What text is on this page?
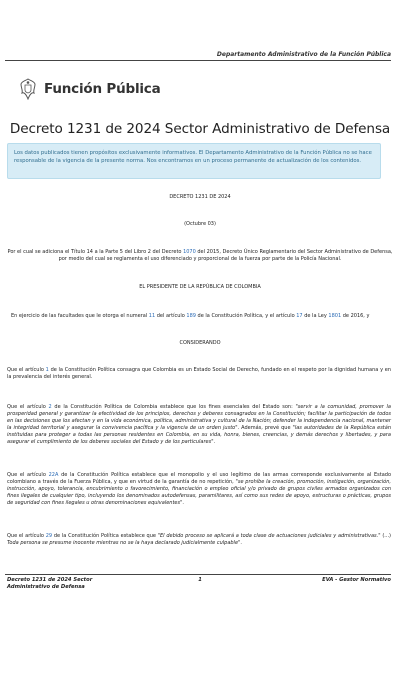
Departamento Administrativo de la Función Pública
Función Pública
Decreto 1231 de 2024 Sector Administrativo de Defensa
Los datos publicados tienen propósitos exclusivamente informativos. El Departamento Administrativo de la Función Pública no se hace responsable de la vigencia de la presente norma. Nos encontramos en un proceso permanente de actualización de los contenidos.
DECRETO 1231 DE 2024
(Octubre 03)
Por el cual se adiciona el Título 14 a la Parte 5 del Libro 2 del Decreto 1070 del 2015, Decreto Único Reglamentario del Sector Administrativo de Defensa, por medio del cual se reglamenta el uso diferenciado y proporcional de la fuerza por parte de la Policía Nacional.
EL PRESIDENTE DE LA REPÚBLICA DE COLOMBIA
En ejercicio de las facultades que le otorga el numeral 11 del artículo 189 de la Constitución Política, y el artículo 17 de la Ley 1801 de 2016, y
CONSIDERANDO
Que el artículo 1 de la Constitución Política consagra que Colombia es un Estado Social de Derecho, fundado en el respeto por la dignidad humana y en la prevalencia del interés general.
Que el artículo 2 de la Constitución Política de Colombia establece que los fines esenciales del Estado son: "servir a la comunidad, promover la prosperidad general y garantizar la efectividad de los principios, derechos y deberes consagrados en la Constitución; facilitar la participación de todos en las decisiones que los afectan y en la vida económica, política, administrativa y cultural de la Nación; defender la independencia nacional, mantener la integridad territorial y asegurar la convivencia pacífica y la vigencia de un orden justo". Además, prevé que "las autoridades de la República están instituidas para proteger a todas las personas residentes en Colombia, en su vida, honra, bienes, creencias, y demás derechos y libertades, y para asegurar el cumplimiento de los deberes sociales del Estado y de los particulares".
Que el artículo 22A de la Constitución Política establece que el monopolio y el uso legítimo de las armas corresponde exclusivamente al Estado colombiano a través de la Fuerza Pública, y que en virtud de la garantía de no repetición, "se prohíbe la creación, promoción, instigación, organización, instrucción, apoyo, tolerancia, encubrimiento o favorecimiento, financiación o empleo oficial y/o privado de grupos civiles armados organizados con fines ilegales de cualquier tipo, incluyendo los denominados autodefensas, paramilitares, así como sus redes de apoyo, estructuras o prácticas, grupos de seguridad con fines ilegales u otras denominaciones equivalentes".
Que el artículo 29 de la Constitución Política establece que "El debido proceso se aplicará a toda clase de actuaciones judiciales y administrativas." (...) Toda persona se presume inocente mientras no se la haya declarado judicialmente culpable".
Decreto 1231 de 2024 Sector
Administrativo de Defensa
1	EVA - Gestor Normativo
